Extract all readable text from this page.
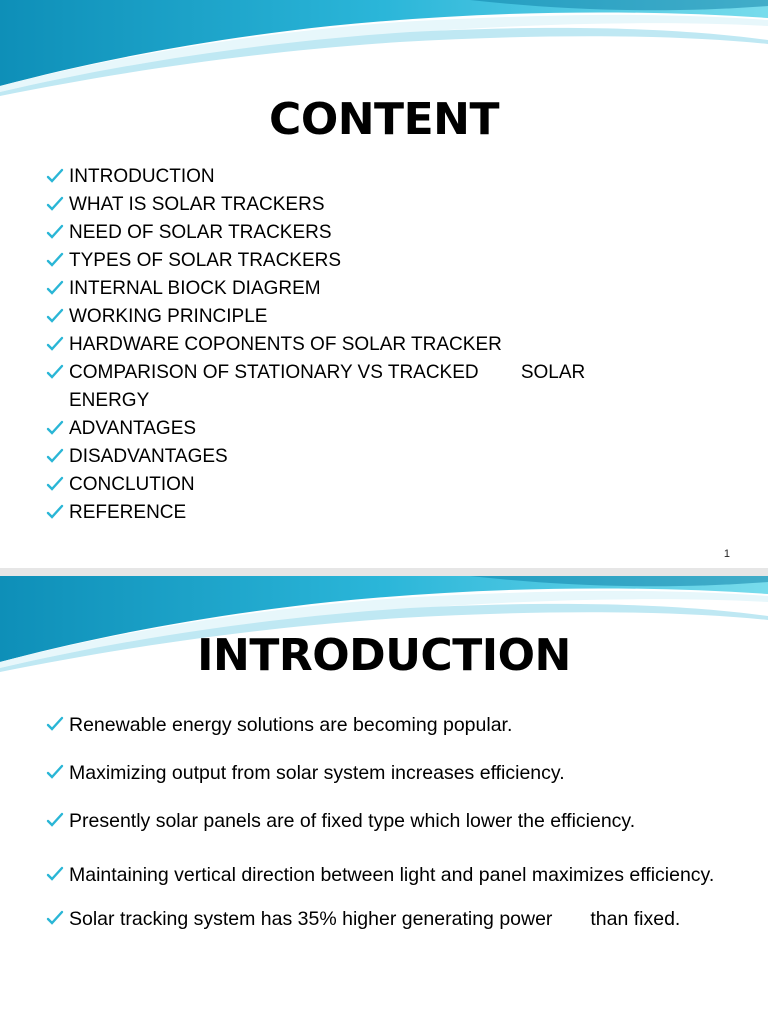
CONTENT
INTRODUCTION
WHAT IS SOLAR TRACKERS
NEED OF SOLAR TRACKERS
TYPES OF SOLAR TRACKERS
INTERNAL BIOCK DIAGREM
WORKING PRINCIPLE
HARDWARE COPONENTS OF SOLAR TRACKER
COMPARISON OF STATIONARY VS TRACKED        SOLAR ENERGY
ADVANTAGES
DISADVANTAGES
CONCLUTION
REFERENCE
1
INTRODUCTION
Renewable energy solutions are becoming popular.
Maximizing output from solar system increases efficiency.
Presently solar panels are of fixed type which lower the efficiency.
Maintaining vertical direction between light and panel maximizes efficiency.
Solar tracking system has 35% higher generating power       than fixed.
